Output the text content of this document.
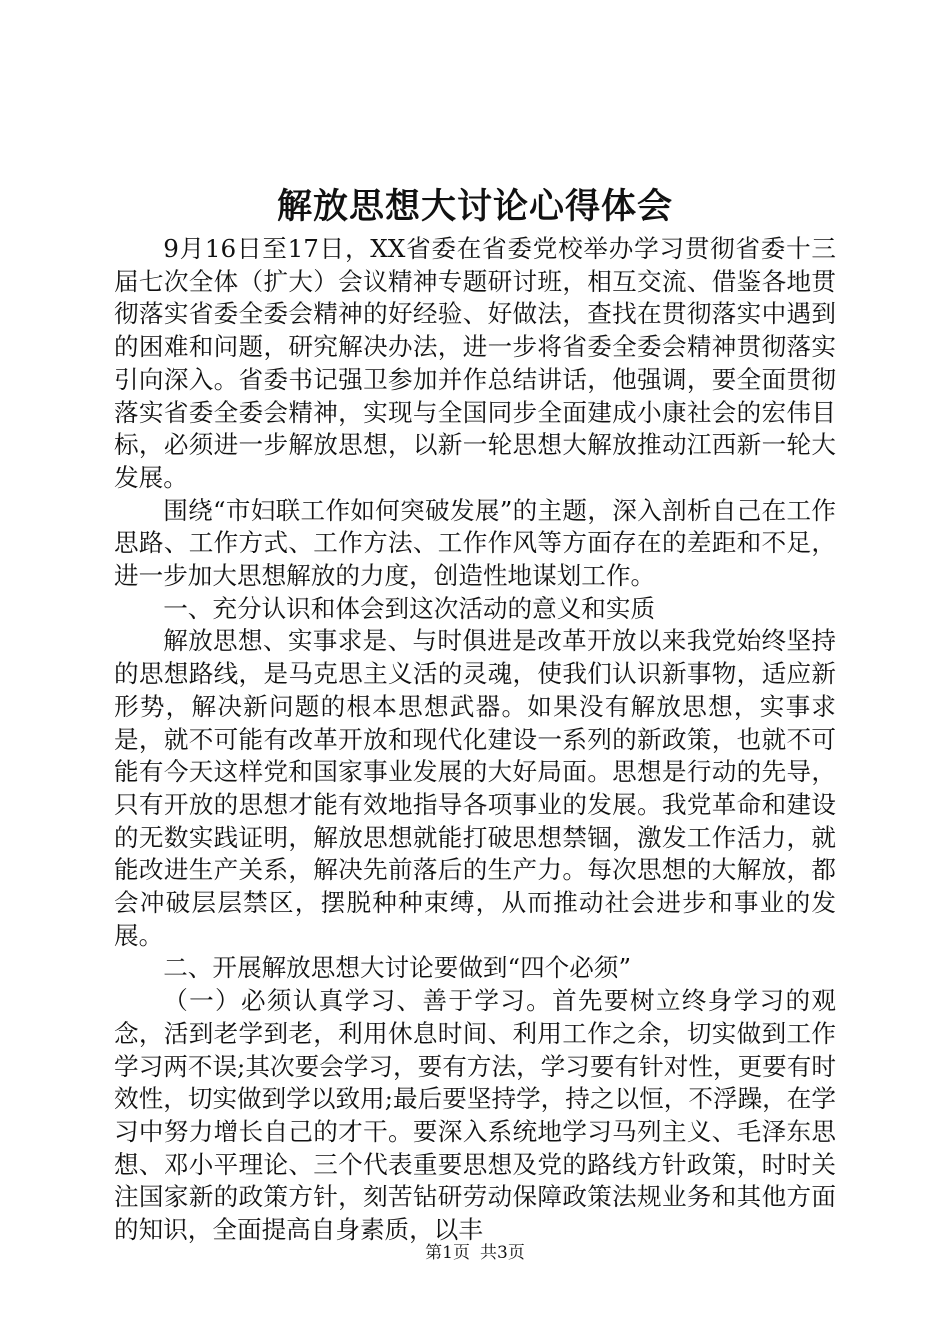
解放思想大讨论心得体会

9月16日至17日，XX省委在省委党校举办学习贯彻省委十三届七次全体（扩大）会议精神专题研讨班，相互交流、借鉴各地贯彻落实省委全委会精神的好经验、好做法，查找在贯彻落实中遇到的困难和问题，研究解决办法，进一步将省委全委会精神贯彻落实引向深入。省委书记强卫参加并作总结讲话，他强调，要全面贯彻落实省委全委会精神，实现与全国同步全面建成小康社会的宏伟目标，必须进一步解放思想，以新一轮思想大解放推动江西新一轮大发展。

围绕“市妇联工作如何突破发展”的主题，深入剖析自己在工作思路、工作方式、工作方法、工作作风等方面存在的差距和不足，进一步加大思想解放的力度，创造性地谋划工作。

一、充分认识和体会到这次活动的意义和实质

解放思想、实事求是、与时俱进是改革开放以来我党始终坚持的思想路线，是马克思主义活的灵魂，使我们认识新事物，适应新形势，解决新问题的根本思想武器。如果没有解放思想，实事求是，就不可能有改革开放和现代化建设一系列的新政策，也就不可能有今天这样党和国家事业发展的大好局面。思想是行动的先导，只有开放的思想才能有效地指导各项事业的发展。我党革命和建设的无数实践证明，解放思想就能打破思想禁锢，激发工作活力，就能改进生产关系，解决先前落后的生产力。每次思想的大解放，都会冲破层层禁区，摆脱种种束缚，从而推动社会进步和事业的发展。

二、开展解放思想大讨论要做到“四个必须”

（一）必须认真学习、善于学习。首先要树立终身学习的观念，活到老学到老，利用休息时间、利用工作之余，切实做到工作学习两不误;其次要会学习，要有方法，学习要有针对性，更要有时效性，切实做到学以致用;最后要坚持学，持之以恒，不浮躁，在学习中努力增长自己的才干。要深入系统地学习马列主义、毛泽东思想、邓小平理论、三个代表重要思想及党的路线方针政策，时时关注国家新的政策方针，刻苦钻研劳动保障政策法规业务和其他方面的知识，全面提高自身素质，以丰

第1页 共3页
